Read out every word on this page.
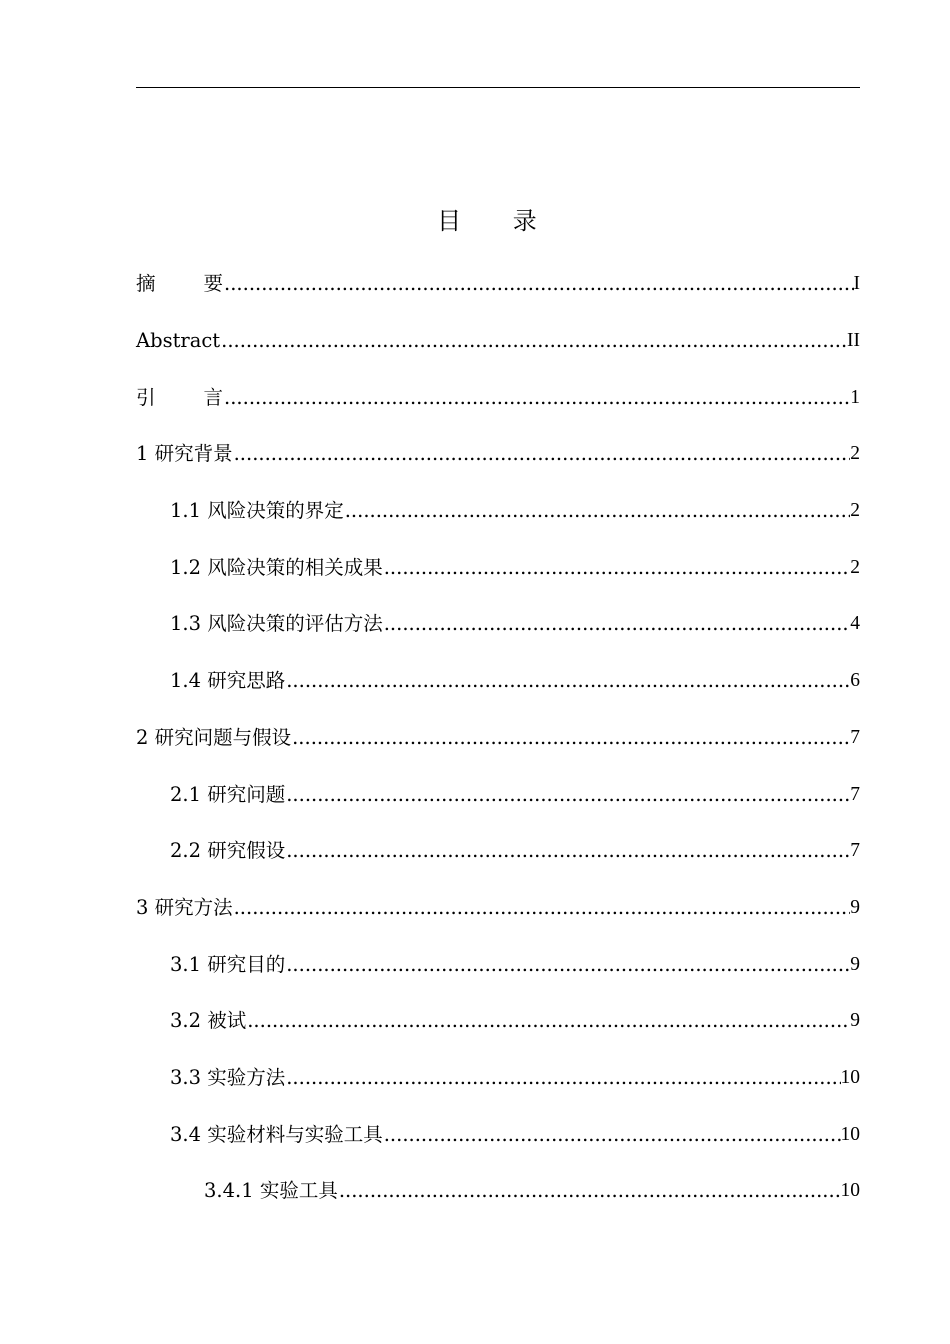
目 录
摘要 .....	I
Abstract .....	II
引言 .....	1
1 研究背景 .....	2
1.1 风险决策的界定 .....	2
1.2 风险决策的相关成果 .....	2
1.3 风险决策的评估方法 .....	4
1.4 研究思路 .....	6
2 研究问题与假设 .....	7
2.1 研究问题 .....	7
2.2 研究假设 .....	7
3 研究方法 .....	9
3.1 研究目的 .....	9
3.2 被试 .....	9
3.3 实验方法 .....	10
3.4 实验材料与实验工具 .....	10
3.4.1 实验工具 .....	10
